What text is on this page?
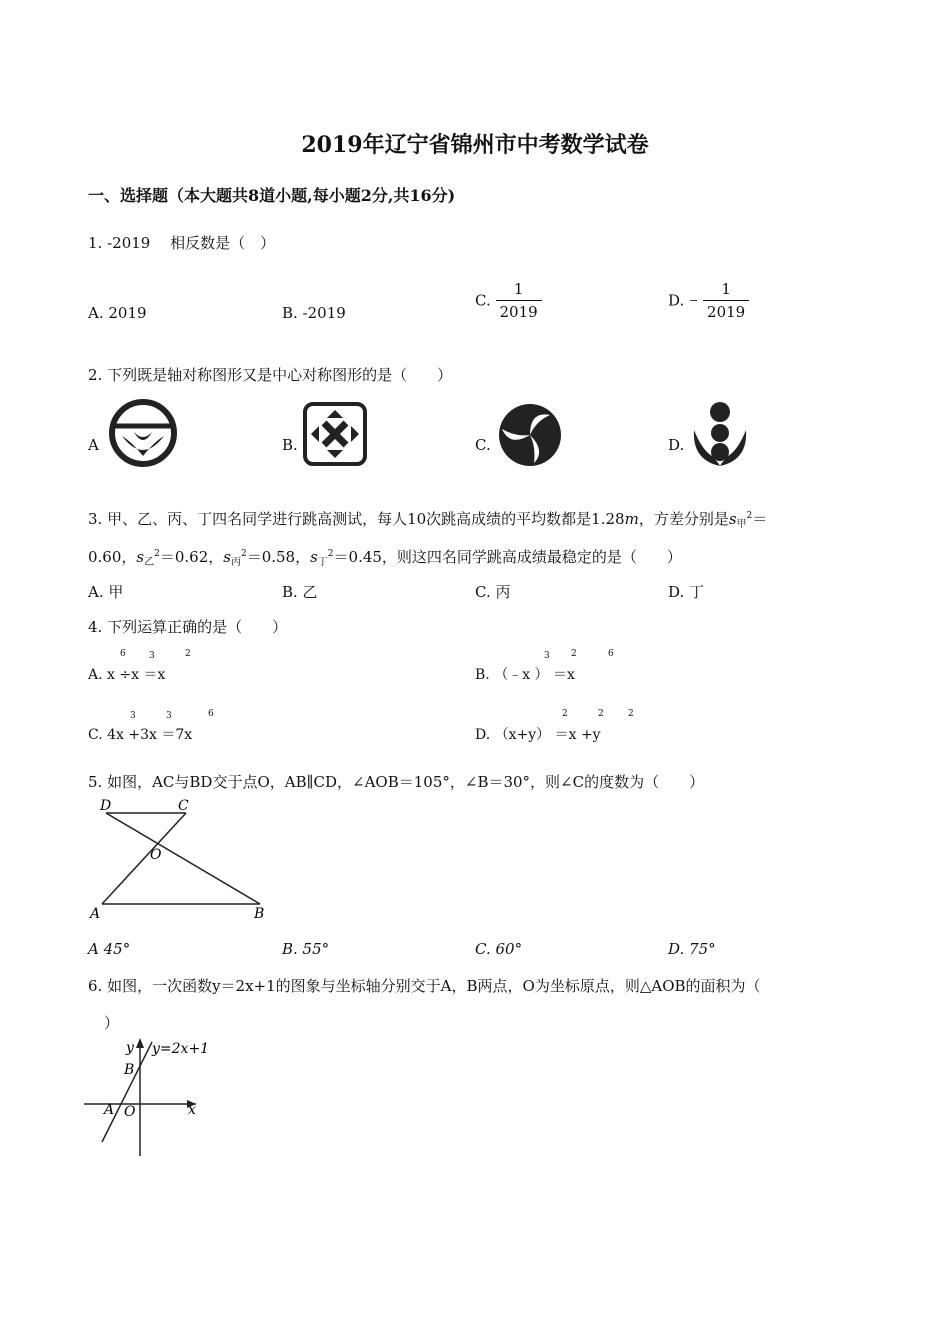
2019年辽宁省锦州市中考数学试卷
一、选择题（本大题共8道小题,每小题2分,共16分)
1. -2019　 相反数是（　）
A. 2019	B. -2019
C. $\frac{1}{2019}$	D. − $\frac{1}{2019}$
2. 下列既是轴对称图形又是中心对称图形的是（　　）
A	B.	C.	D.
3. 甲、乙、丙、丁四名同学进行跳高测试，每人10次跳高成绩的平均数都是1.28m，方差分别是$s_甲^2=$
0.60，$s_乙^2=0.62$，$s_丙^2=0.58$，$s_丁^2=0.45$，则这四名同学跳高成绩最稳定的是（　　）
A. 甲	B. 乙	C. 丙	D. 丁
4. 下列运算正确的是（　　）
A. x ÷x ＝x
6	3	2
B. （﹣x ） ＝x
3 2	6
C. 4x +3x ＝7x
3	3	6
D. （x+y） ＝x +y
2	2	2
5. 如图，AC与BD交于点O，AB∥CD，∠AOB＝105°，∠B＝30°，则∠C的度数为（　　）
D	C
O
A	B
A 45°	B. 55°	C. 60°	D. 75°
6. 如图，一次函数y＝2x+1的图象与坐标轴分别交于A，B两点，O为坐标原点，则△AOB的面积为（
）
y y=2x+1
B
A O	x
